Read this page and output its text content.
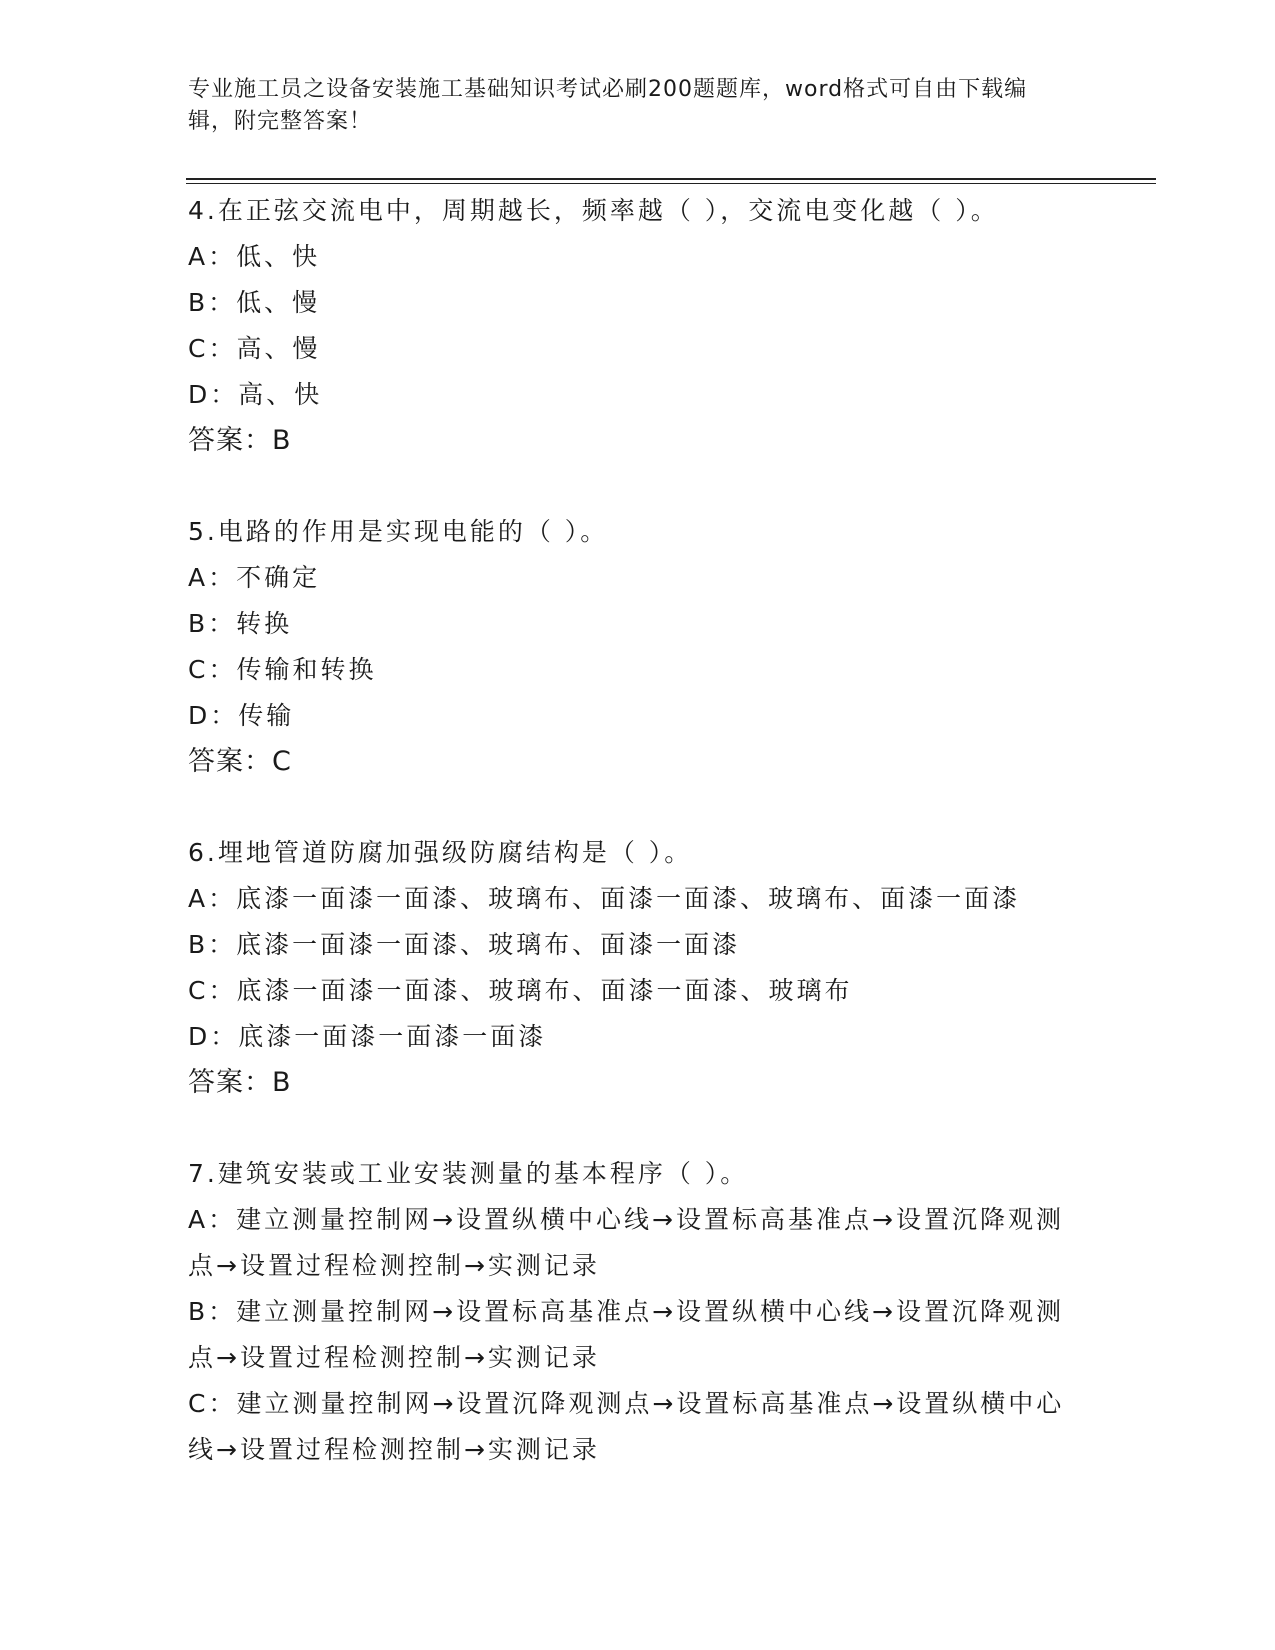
专业施工员之设备安装施工基础知识考试必刷200题题库，word格式可自由下载编辑，附完整答案！
4.在正弦交流电中，周期越长，频率越（ ），交流电变化越（ ）。
A：低、快
B：低、慢
C：高、慢
D：高、快
答案：B
5.电路的作用是实现电能的（ ）。
A：不确定
B：转换
C：传输和转换
D：传输
答案：C
6.埋地管道防腐加强级防腐结构是（ ）。
A：底漆一面漆一面漆、玻璃布、面漆一面漆、玻璃布、面漆一面漆
B：底漆一面漆一面漆、玻璃布、面漆一面漆
C：底漆一面漆一面漆、玻璃布、面漆一面漆、玻璃布
D：底漆一面漆一面漆一面漆
答案：B
7.建筑安装或工业安装测量的基本程序（ ）。
A：建立测量控制网→设置纵横中心线→设置标高基准点→设置沉降观测点→设置过程检测控制→实测记录
B：建立测量控制网→设置标高基准点→设置纵横中心线→设置沉降观测点→设置过程检测控制→实测记录
C：建立测量控制网→设置沉降观测点→设置标高基准点→设置纵横中心线→设置过程检测控制→实测记录
